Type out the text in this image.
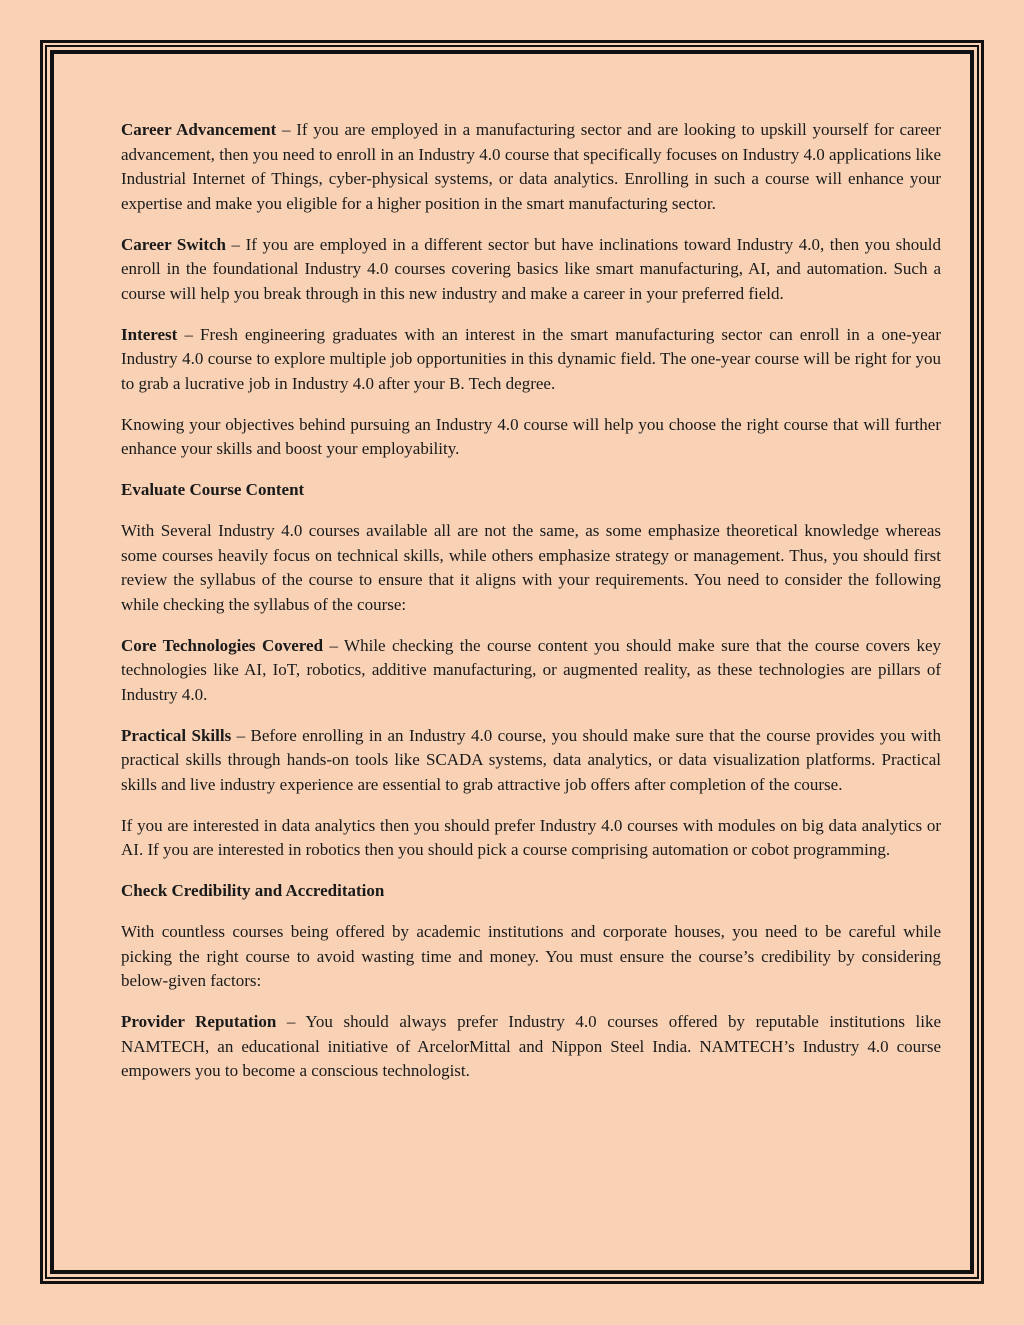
Career Advancement – If you are employed in a manufacturing sector and are looking to upskill yourself for career advancement, then you need to enroll in an Industry 4.0 course that specifically focuses on Industry 4.0 applications like Industrial Internet of Things, cyber-physical systems, or data analytics. Enrolling in such a course will enhance your expertise and make you eligible for a higher position in the smart manufacturing sector.

Career Switch – If you are employed in a different sector but have inclinations toward Industry 4.0, then you should enroll in the foundational Industry 4.0 courses covering basics like smart manufacturing, AI, and automation. Such a course will help you break through in this new industry and make a career in your preferred field.

Interest – Fresh engineering graduates with an interest in the smart manufacturing sector can enroll in a one-year Industry 4.0 course to explore multiple job opportunities in this dynamic field. The one-year course will be right for you to grab a lucrative job in Industry 4.0 after your B. Tech degree.

Knowing your objectives behind pursuing an Industry 4.0 course will help you choose the right course that will further enhance your skills and boost your employability.

Evaluate Course Content

With Several Industry 4.0 courses available all are not the same, as some emphasize theoretical knowledge whereas some courses heavily focus on technical skills, while others emphasize strategy or management. Thus, you should first review the syllabus of the course to ensure that it aligns with your requirements. You need to consider the following while checking the syllabus of the course:

Core Technologies Covered – While checking the course content you should make sure that the course covers key technologies like AI, IoT, robotics, additive manufacturing, or augmented reality, as these technologies are pillars of Industry 4.0.

Practical Skills – Before enrolling in an Industry 4.0 course, you should make sure that the course provides you with practical skills through hands-on tools like SCADA systems, data analytics, or data visualization platforms. Practical skills and live industry experience are essential to grab attractive job offers after completion of the course.

If you are interested in data analytics then you should prefer Industry 4.0 courses with modules on big data analytics or AI. If you are interested in robotics then you should pick a course comprising automation or cobot programming.

Check Credibility and Accreditation

With countless courses being offered by academic institutions and corporate houses, you need to be careful while picking the right course to avoid wasting time and money. You must ensure the course’s credibility by considering below-given factors:

Provider Reputation – You should always prefer Industry 4.0 courses offered by reputable institutions like NAMTECH, an educational initiative of ArcelorMittal and Nippon Steel India. NAMTECH’s Industry 4.0 course empowers you to become a conscious technologist.
